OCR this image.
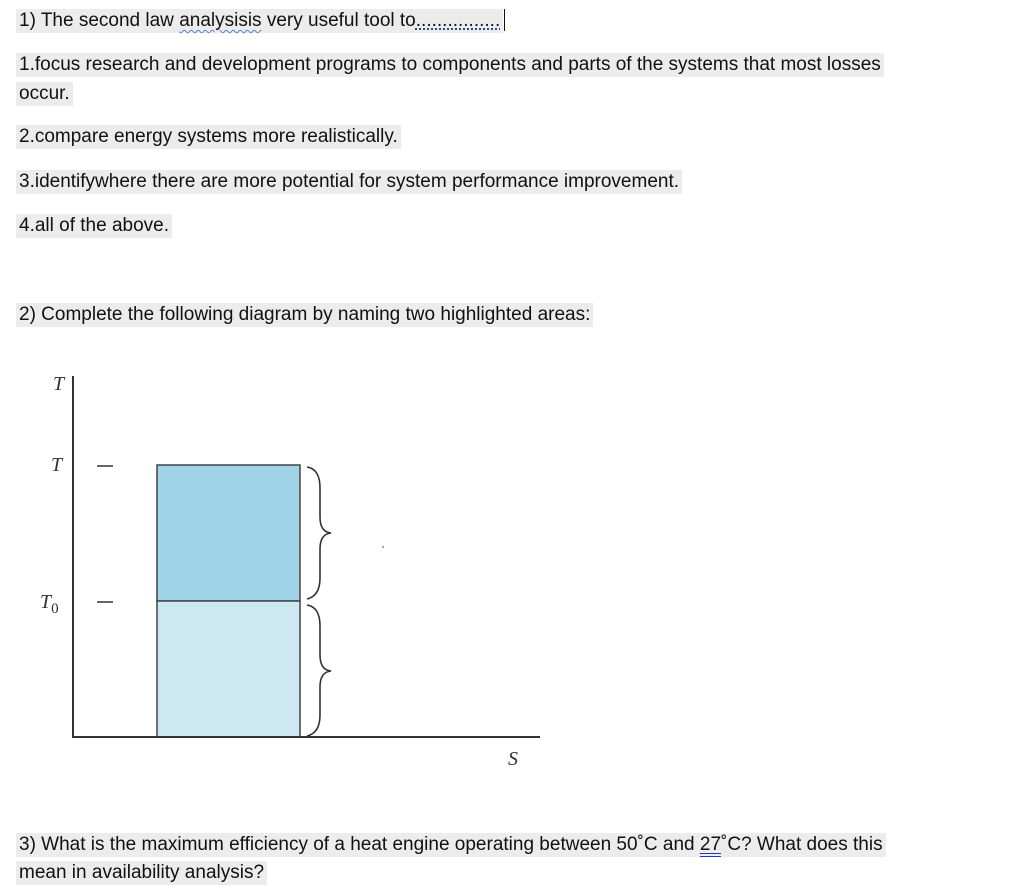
1) The second law analysisis very useful tool to................
1.focus research and development programs to components and parts of the systems that most losses
occur.
2.compare energy systems more realistically.
3.identifywhere there are more potential for system performance improvement.
4.all of the above.
2) Complete the following diagram by naming two highlighted areas:
T
T
$T_0$
S
3) What is the maximum efficiency of a heat engine operating between 50˚C and 27˚C? What does this
mean in availability analysis?
